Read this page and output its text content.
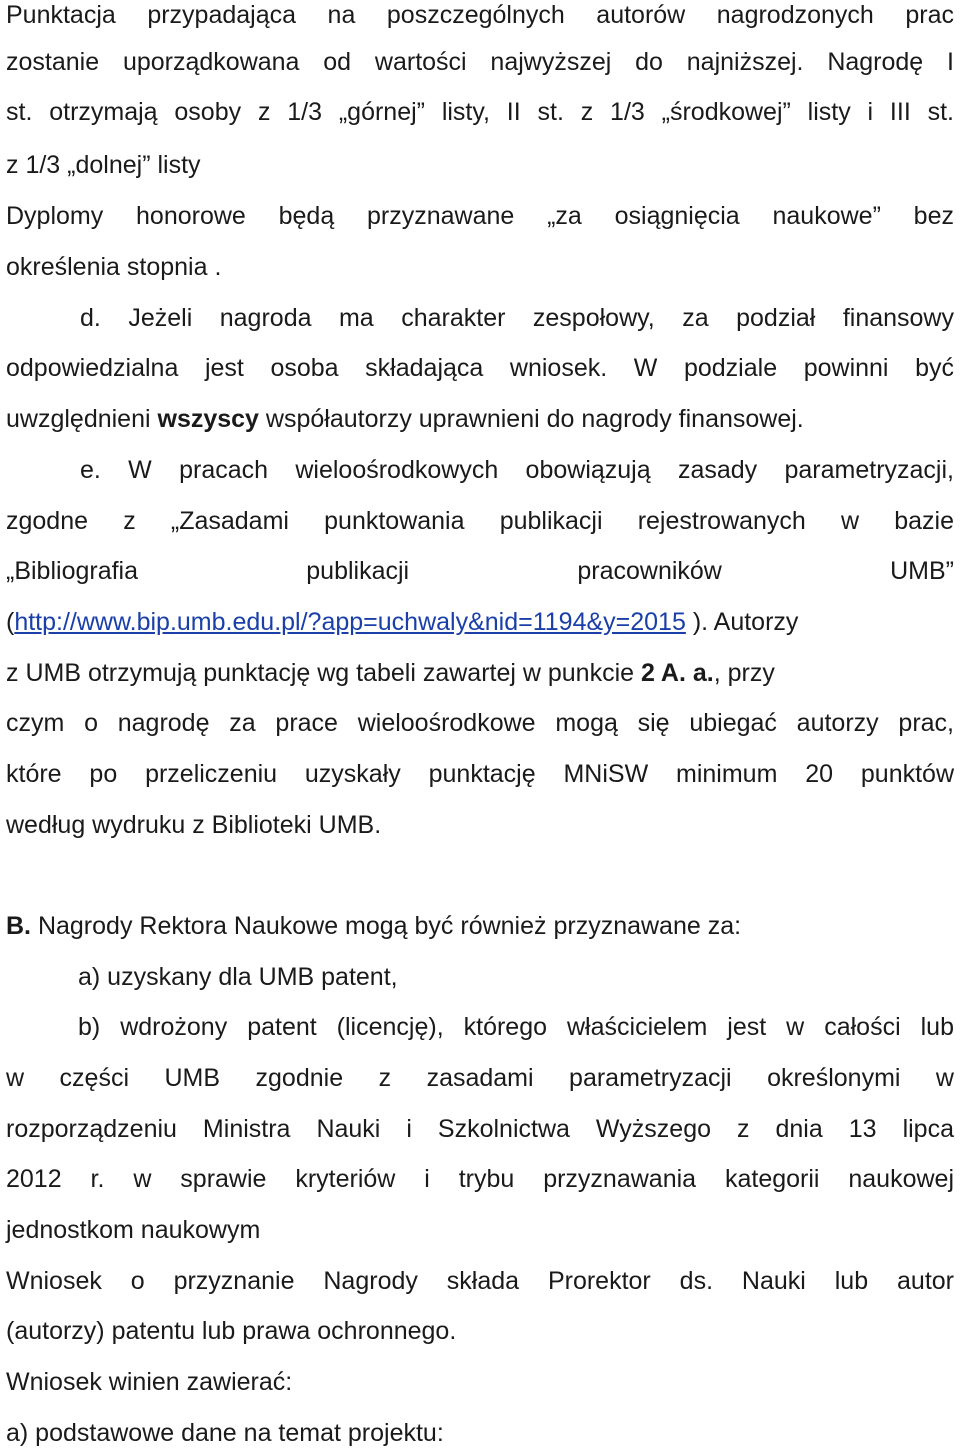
Punktacja przypadająca na poszczególnych autorów nagrodzonych prac
zostanie uporządkowana od wartości najwyższej do najniższej. Nagrodę I
st. otrzymają osoby z 1/3 „górnej” listy, II st. z 1/3 „środkowej” listy i III st.
z 1/3 „dolnej” listy
Dyplomy honorowe będą przyznawane „za osiągnięcia naukowe” bez
określenia stopnia .
d. Jeżeli nagroda ma charakter zespołowy, za podział finansowy
odpowiedzialna jest osoba składająca wniosek. W podziale powinni być
uwzględnieni wszyscy współautorzy uprawnieni do nagrody finansowej.
e. W pracach wieloośrodkowych obowiązują zasady parametryzacji,
zgodne z „Zasadami punktowania publikacji rejestrowanych w bazie
„Bibliografia publikacji pracowników UMB”
(http://www.bip.umb.edu.pl/?app=uchwaly&nid=1194&y=2015 ). Autorzy
z UMB otrzymują punktację wg tabeli zawartej w punkcie 2 A. a., przy
czym o nagrodę za prace wieloośrodkowe mogą się ubiegać autorzy prac,
które po przeliczeniu uzyskały punktację MNiSW minimum 20 punktów
według wydruku z Biblioteki UMB.
B. Nagrody Rektora Naukowe mogą być również przyznawane za:
a) uzyskany dla UMB patent,
b) wdrożony patent (licencję), którego właścicielem jest w całości lub
w części UMB zgodnie z zasadami parametryzacji określonymi w
rozporządzeniu Ministra Nauki i Szkolnictwa Wyższego z dnia 13 lipca
2012 r. w sprawie kryteriów i trybu przyznawania kategorii naukowej
jednostkom naukowym
Wniosek o przyznanie Nagrody składa Prorektor ds. Nauki lub autor
(autorzy) patentu lub prawa ochronnego.
Wniosek winien zawierać:
a) podstawowe dane na temat projektu:
